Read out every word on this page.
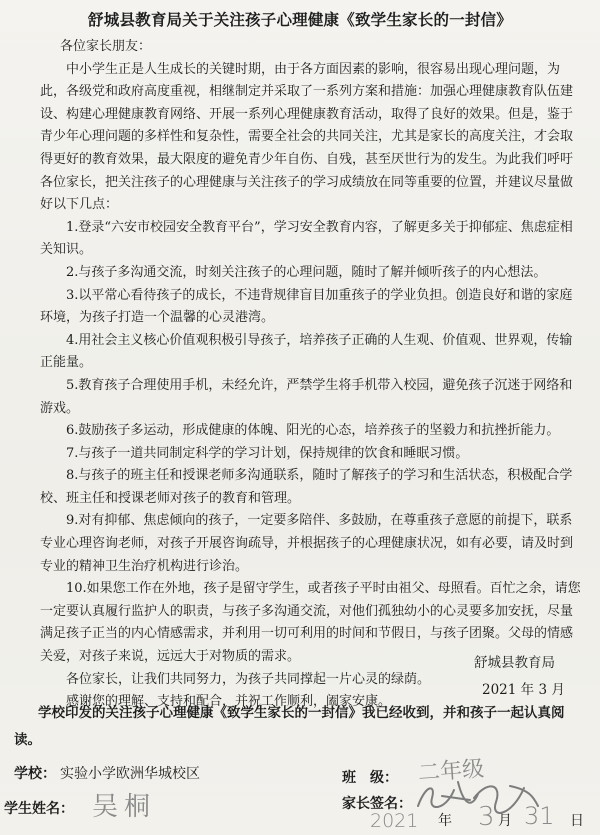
舒城县教育局关于关注孩子心理健康《致学生家长的一封信》

各位家长朋友：

中小学生正是人生成长的关键时期，由于各方面因素的影响，很容易出现心理问题，为此，各级党和政府高度重视，相继制定并采取了一系列方案和措施：加强心理健康教育队伍建设、构建心理健康教育网络、开展一系列心理健康教育活动，取得了良好的效果。但是，鉴于青少年心理问题的多样性和复杂性，需要全社会的共同关注，尤其是家长的高度关注，才会取得更好的教育效果，最大限度的避免青少年自伤、自残，甚至厌世行为的发生。为此我们呼吁各位家长，把关注孩子的心理健康与关注孩子的学习成绩放在同等重要的位置，并建议尽量做好以下几点：

1.登录“六安市校园安全教育平台”，学习安全教育内容，了解更多关于抑郁症、焦虑症相关知识。

2.与孩子多沟通交流，时刻关注孩子的心理问题，随时了解并倾听孩子的内心想法。

3.以平常心看待孩子的成长，不违背规律盲目加重孩子的学业负担。创造良好和谐的家庭环境，为孩子打造一个温馨的心灵港湾。

4.用社会主义核心价值观积极引导孩子，培养孩子正确的人生观、价值观、世界观，传输正能量。

5.教育孩子合理使用手机，未经允许，严禁学生将手机带入校园，避免孩子沉迷于网络和游戏。

6.鼓励孩子多运动，形成健康的体魄、阳光的心态，培养孩子的坚毅力和抗挫折能力。

7.与孩子一道共同制定科学的学习计划，保持规律的饮食和睡眠习惯。

8.与孩子的班主任和授课老师多沟通联系，随时了解孩子的学习和生活状态，积极配合学校、班主任和授课老师对孩子的教育和管理。

9.对有抑郁、焦虑倾向的孩子，一定要多陪伴、多鼓励，在尊重孩子意愿的前提下，联系专业心理咨询老师，对孩子开展咨询疏导，并根据孩子的心理健康状况，如有必要，请及时到专业的精神卫生治疗机构进行诊治。

10.如果您工作在外地，孩子是留守学生，或者孩子平时由祖父、母照看。百忙之余，请您一定要认真履行监护人的职责，与孩子多沟通交流，对他们孤独幼小的心灵要多加安抚，尽量满足孩子正当的内心情感需求，并利用一切可利用的时间和节假日，与孩子团聚。父母的情感关爱，对孩子来说，远远大于对物质的需求。

各位家长，让我们共同努力，为孩子共同撑起一片心灵的绿荫。

感谢您的理解、支持和配合，并祝工作顺利，阖家安康。

舒城县教育局
2021 年 3 月

学校印发的关注孩子心理健康《致学生家长的一封信》我已经收到，并和孩子一起认真阅读。

学校： 实验小学欧洲华城校区	班　级： 二年级
学生姓名： 吴桐	家长签名：
2021 年 3 月 31 日
